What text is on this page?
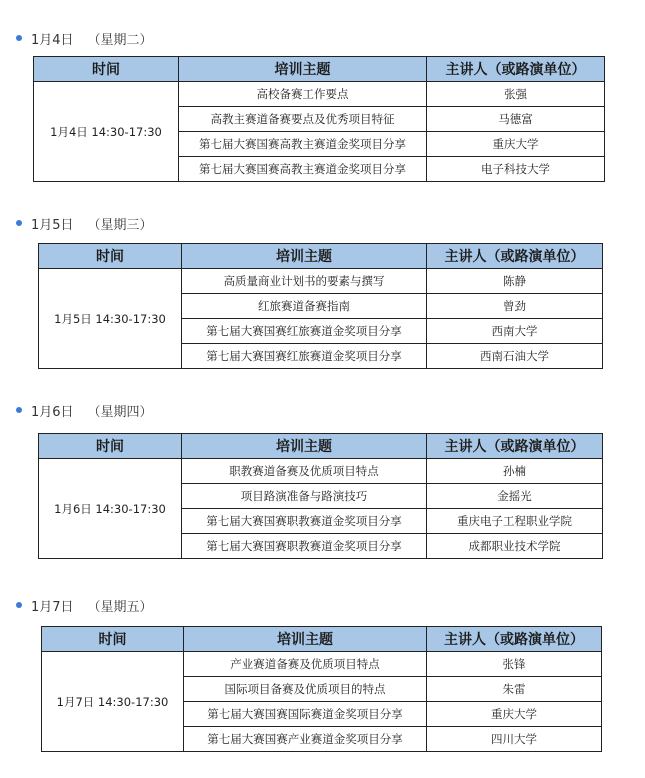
1月4日 （星期二）
时间	培训主题	主讲人（或路演单位）
1月4日 14:30-17:30	高校备赛工作要点	张强
	高教主赛道备赛要点及优秀项目特征	马德富
	第七届大赛国赛高教主赛道金奖项目分享	重庆大学
	第七届大赛国赛高教主赛道金奖项目分享	电子科技大学
1月5日 （星期三）
时间	培训主题	主讲人（或路演单位）
1月5日 14:30-17:30	高质量商业计划书的要素与撰写	陈静
	红旅赛道备赛指南	曾劲
	第七届大赛国赛红旅赛道金奖项目分享	西南大学
	第七届大赛国赛红旅赛道金奖项目分享	西南石油大学
1月6日 （星期四）
时间	培训主题	主讲人（或路演单位）
1月6日 14:30-17:30	职教赛道备赛及优质项目特点	孙楠
	项目路演准备与路演技巧	金摇光
	第七届大赛国赛职教赛道金奖项目分享	重庆电子工程职业学院
	第七届大赛国赛职教赛道金奖项目分享	成都职业技术学院
1月7日 （星期五）
时间	培训主题	主讲人（或路演单位）
1月7日 14:30-17:30	产业赛道备赛及优质项目特点	张锋
	国际项目备赛及优质项目的特点	朱雷
	第七届大赛国赛国际赛道金奖项目分享	重庆大学
	第七届大赛国赛产业赛道金奖项目分享	四川大学
